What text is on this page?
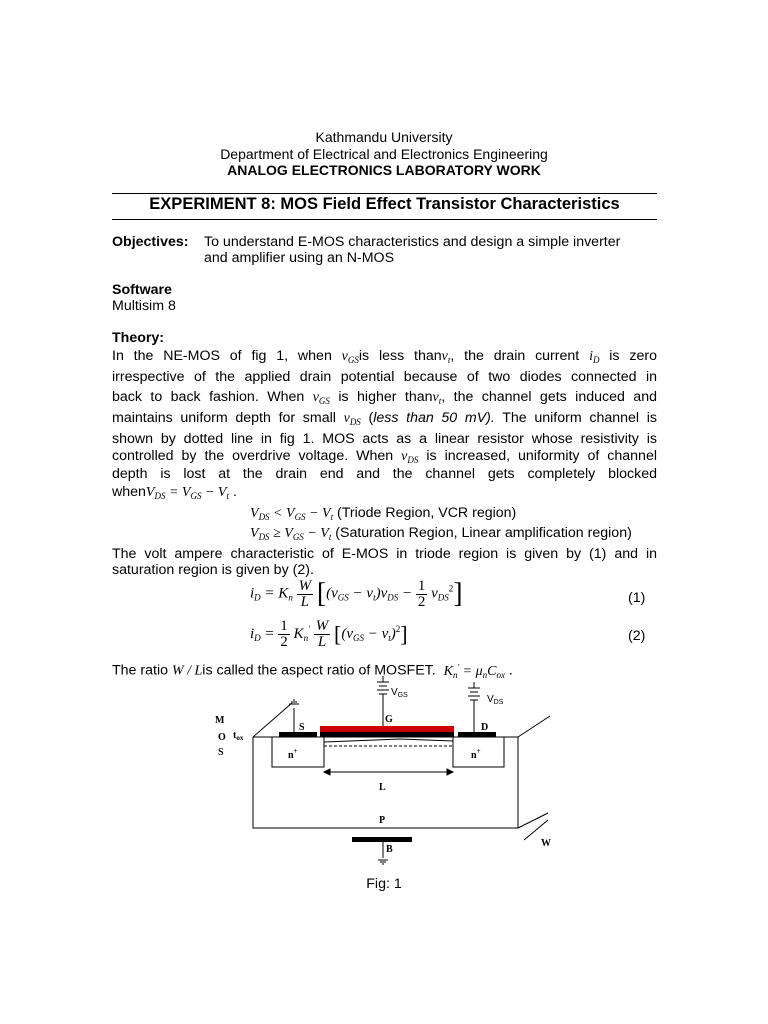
Kathmandu University
Department of Electrical and Electronics Engineering
ANALOG ELECTRONICS LABORATORY WORK
EXPERIMENT 8: MOS Field Effect Transistor Characteristics
Objectives: To understand E-MOS characteristics and design a simple inverter
and amplifier using an N-MOS
Software
Multisim 8
Theory:
In the NE-MOS of fig 1, when $v_{GS}is$ less thanv$_t$, the drain current $i_D$ is zero
irrespective of the applied drain potential because of two diodes connected in
back to back fashion. When $v_{GS}$ is higher thanv$_t$, the channel gets induced and
maintains uniform depth for small $v_{DS}$ (less than 50 mV). The uniform channel is
shown by dotted line in fig 1. MOS acts as a linear resistor whose resistivity is
controlled by the overdrive voltage. When $v_{DS}$ is increased, uniformity of channel
depth is lost at the drain end and the channel gets completely blocked
whenV$_{DS}$ = $V_{GS} - V_t$ .
$V_{DS} < V_{GS} - V_t$ (Triode Region, VCR region)
$V_{DS} \ge V_{GS} - V_t$ (Saturation Region, Linear amplification region)
The volt ampere characteristic of E-MOS in triode region is given by (1) and in
saturation region is given by (2).
$i_D = K_n \frac{W}{L} [(v_{GS} - v_t)v_{DS} - \frac{1}{2} v_{DS}^2]$	(1)
$i_D = \frac{1}{2} K_n' \frac{W}{L} [(v_{GS} - v_t)^2]$	(2)
The ratio W / Lis called the aspect ratio of MOSFET. $K_n' = \mu_nC_{ox}$ .
M
O
S
$t_{ox}$
S
G
D
n+	n+
L
P
B
W
$V_{GS}$	$V_{DS}$
Fig: 1
